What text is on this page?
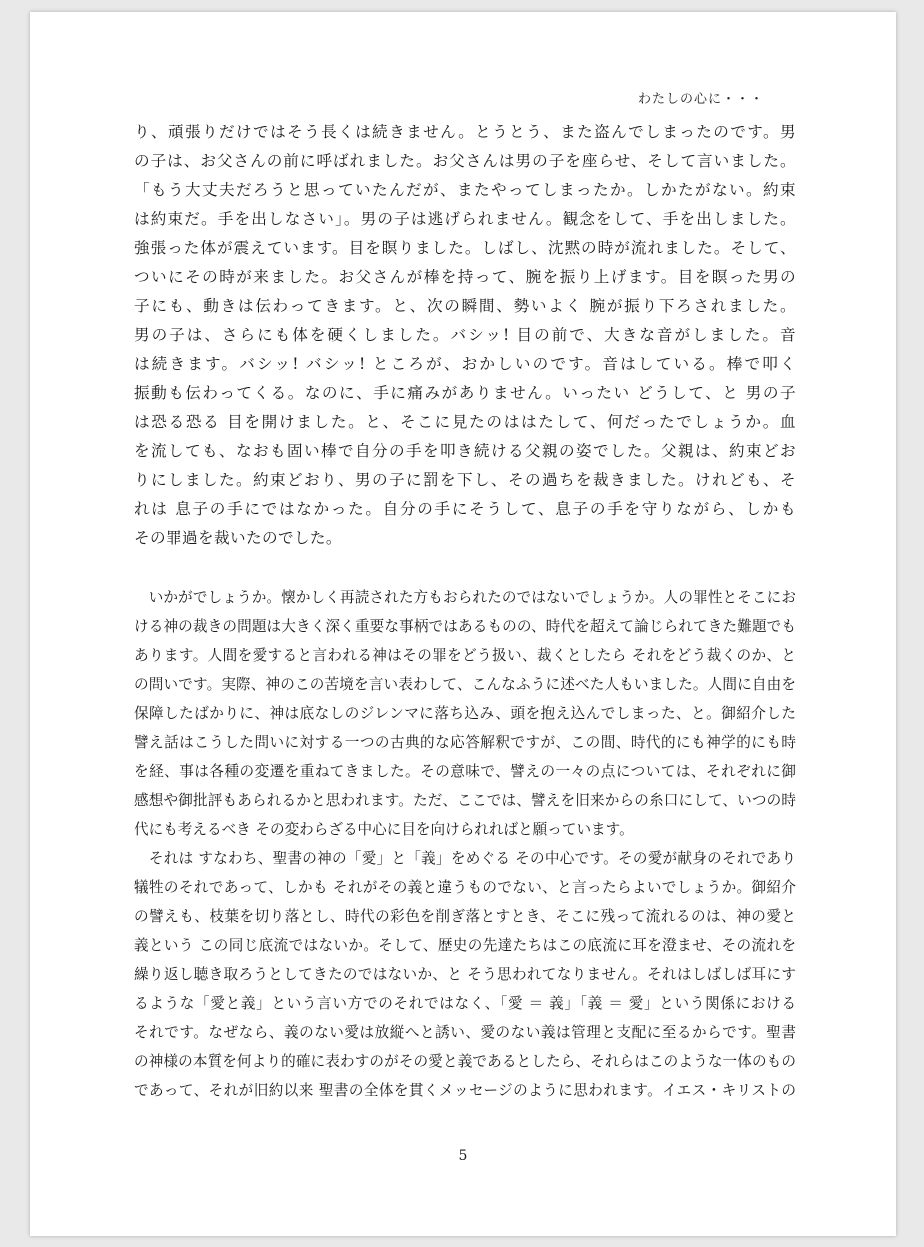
わたしの心に・・・
り、頑張りだけではそう長くは続きません。とうとう、また盗んでしまったのです。男
の子は、お父さんの前に呼ばれました。お父さんは男の子を座らせ、そして言いました。
「もう大丈夫だろうと思っていたんだが、またやってしまったか。しかたがない。約束
は約束だ。手を出しなさい」。男の子は逃げられません。観念をして、手を出しました。
強張った体が震えています。目を瞑りました。しばし、沈黙の時が流れました。そして、
ついにその時が来ました。お父さんが棒を持って、腕を振り上げます。目を瞑った男の
子にも、動きは伝わってきます。と、次の瞬間、勢いよく 腕が振り下ろされました。
男の子は、さらにも体を硬くしました。バシッ! 目の前で、大きな音がしました。音
は続きます。バシッ! バシッ! ところが、おかしいのです。音はしている。棒で叩く
振動も伝わってくる。なのに、手に痛みがありません。いったい どうして、と 男の子
は恐る恐る 目を開けました。と、そこに見たのははたして、何だったでしょうか。血
を流しても、なおも固い棒で自分の手を叩き続ける父親の姿でした。父親は、約束どお
りにしました。約束どおり、男の子に罰を下し、その過ちを裁きました。けれども、そ
れは 息子の手にではなかった。自分の手にそうして、息子の手を守りながら、しかも
その罪過を裁いたのでした。
　いかがでしょうか。懐かしく再読された方もおられたのではないでしょうか。人の罪性とそこにお
ける神の裁きの問題は大きく深く重要な事柄ではあるものの、時代を超えて論じられてきた難題でも
あります。人間を愛すると言われる神はその罪をどう扱い、裁くとしたら それをどう裁くのか、と
の問いです。実際、神のこの苦境を言い表わして、こんなふうに述べた人もいました。人間に自由を
保障したばかりに、神は底なしのジレンマに落ち込み、頭を抱え込んでしまった、と。御紹介した
譬え話はこうした問いに対する一つの古典的な応答解釈ですが、この間、時代的にも神学的にも時
を経、事は各種の変遷を重ねてきました。その意味で、譬えの一々の点については、それぞれに御
感想や御批評もあられるかと思われます。ただ、ここでは、譬えを旧来からの糸口にして、いつの時
代にも考えるべき その変わらざる中心に目を向けられればと願っています。
　それは すなわち、聖書の神の「愛」と「義」をめぐる その中心です。その愛が献身のそれであり
犠牲のそれであって、しかも それがその義と違うものでない、と言ったらよいでしょうか。御紹介
の譬えも、枝葉を切り落とし、時代の彩色を削ぎ落とすとき、そこに残って流れるのは、神の愛と
義という この同じ底流ではないか。そして、歴史の先達たちはこの底流に耳を澄ませ、その流れを
繰り返し聴き取ろうとしてきたのではないか、と そう思われてなりません。それはしばしば耳にす
るような「愛と義」という言い方でのそれではなく、「愛 ＝ 義」「義 ＝ 愛」という関係における
それです。なぜなら、義のない愛は放縦へと誘い、愛のない義は管理と支配に至るからです。聖書
の神様の本質を何より的確に表わすのがその愛と義であるとしたら、それらはこのような一体のもの
であって、それが旧約以来 聖書の全体を貫くメッセージのように思われます。イエス・キリストの
5
